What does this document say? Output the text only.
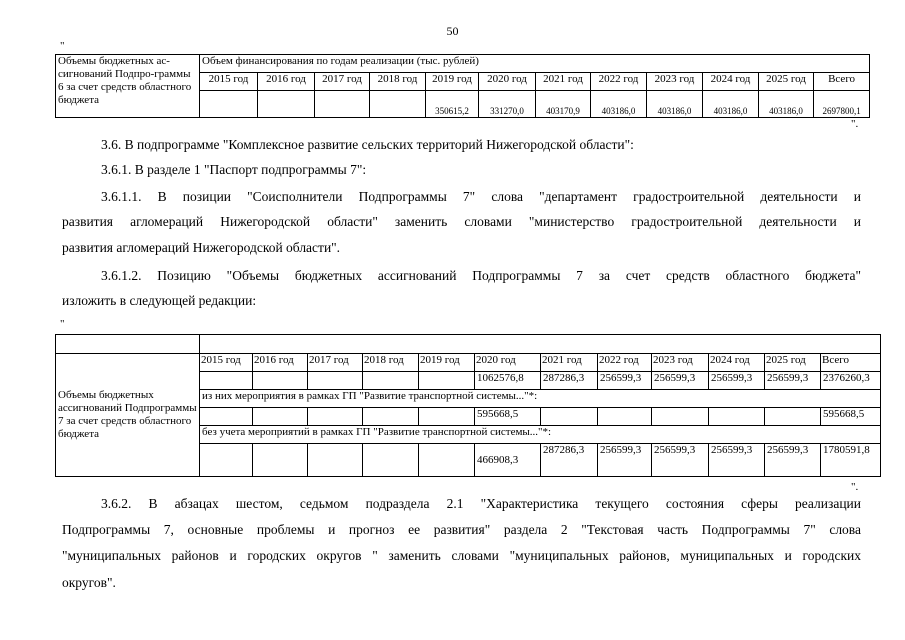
50
"
Объемы бюджетных ас-сигнований Подпро-граммы 6 за счет средств областного бюджета	Объем финансирования по годам реализации (тыс. рублей)											
	2015 год	2016 год	2017 год	2018 год	2019 год	2020 год	2021 год	2022 год	2023 год	2024 год	2025 год	Всего
					350615,2	331270,0	403170,9	403186,0	403186,0	403186,0	403186,0	2697800,1
".
3.6. В подпрограмме "Комплексное развитие сельских территорий Нижегородской области":
3.6.1. В разделе 1 "Паспорт подпрограммы 7":
3.6.1.1. В позиции "Соисполнители Подпрограммы 7" слова "департамент градостроительной деятельности и
развития агломераций Нижегородской области" заменить словами "министерство градостроительной деятельности и
развития агломераций Нижегородской области".
3.6.1.2. Позицию "Объемы бюджетных ассигнований Подпрограммы 7 за счет средств областного бюджета"
изложить в следующей редакции:
"

Объемы бюджетных ассигнований Подпрограммы 7 за счет средств областного бюджета	2015 год	2016 год	2017 год	2018 год	2019 год	2020 год	2021 год	2022 год	2023 год	2024 год	2025 год	Всего
						1062576,8	287286,3	256599,3	256599,3	256599,3	256599,3	2376260,3
	из них мероприятия в рамках ГП "Развитие транспортной системы..."*:											
						595668,5						595668,5
	без учета мероприятий в рамках ГП "Развитие транспортной системы..."*:											
						466908,3	287286,3	256599,3	256599,3	256599,3	256599,3	1780591,8
".
3.6.2. В абзацах шестом, седьмом подраздела 2.1 "Характеристика текущего состояния сферы реализации
Подпрограммы 7, основные проблемы и прогноз ее развития" раздела 2 "Текстовая часть Подпрограммы 7" слова
"муниципальных районов и городских округов " заменить словами "муниципальных районов, муниципальных и городских
округов".
